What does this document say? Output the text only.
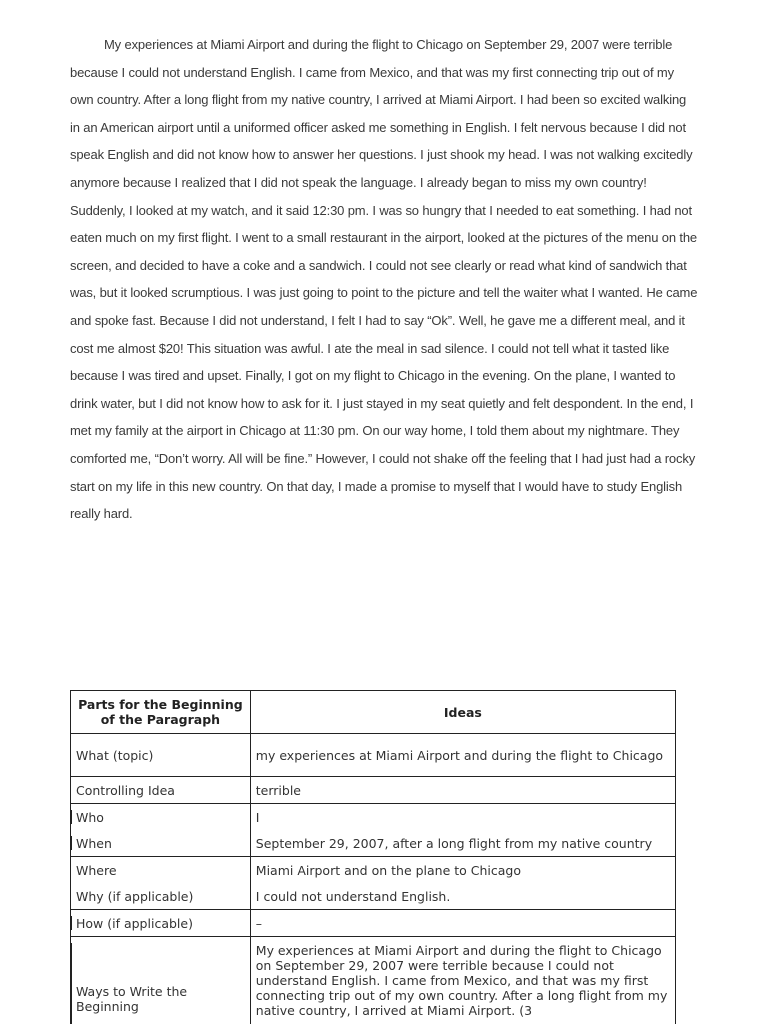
My experiences at Miami Airport and during the flight to Chicago on September 29, 2007 were terrible because I could not understand English. I came from Mexico, and that was my first connecting trip out of my own country. After a long flight from my native country, I arrived at Miami Airport. I had been so excited walking in an American airport until a uniformed officer asked me something in English. I felt nervous because I did not speak English and did not know how to answer her questions. I just shook my head. I was not walking excitedly anymore because I realized that I did not speak the language. I already began to miss my own country! Suddenly, I looked at my watch, and it said 12:30 pm. I was so hungry that I needed to eat something. I had not eaten much on my first flight. I went to a small restaurant in the airport, looked at the pictures of the menu on the screen, and decided to have a coke and a sandwich. I could not see clearly or read what kind of sandwich that was, but it looked scrumptious. I was just going to point to the picture and tell the waiter what I wanted. He came and spoke fast. Because I did not understand, I felt I had to say “Ok”. Well, he gave me a different meal, and it cost me almost $20! This situation was awful. I ate the meal in sad silence. I could not tell what it tasted like because I was tired and upset. Finally, I got on my flight to Chicago in the evening. On the plane, I wanted to drink water, but I did not know how to ask for it. I just stayed in my seat quietly and felt despondent. In the end, I met my family at the airport in Chicago at 11:30 pm. On our way home, I told them about my nightmare. They comforted me, “Don’t worry. All will be fine.” However, I could not shake off the feeling that I had just had a rocky start on my life in this new country. On that day, I made a promise to myself that I would have to study English really hard.

Parts for the Beginning of the Paragraph	Ideas
What (topic)	my experiences at Miami Airport and during the flight to Chicago
Controlling Idea	terrible
Who	I
When	September 29, 2007, after a long flight from my native country
Where	Miami Airport and on the plane to Chicago
Why (if applicable)	I could not understand English.
How (if applicable)	–
Ways to Write the Beginning	My experiences at Miami Airport and during the flight to Chicago on September 29, 2007 were terrible because I could not understand English. I came from Mexico, and that was my first connecting trip out of my own country. After a long flight from my native country, I arrived at Miami Airport. (3
